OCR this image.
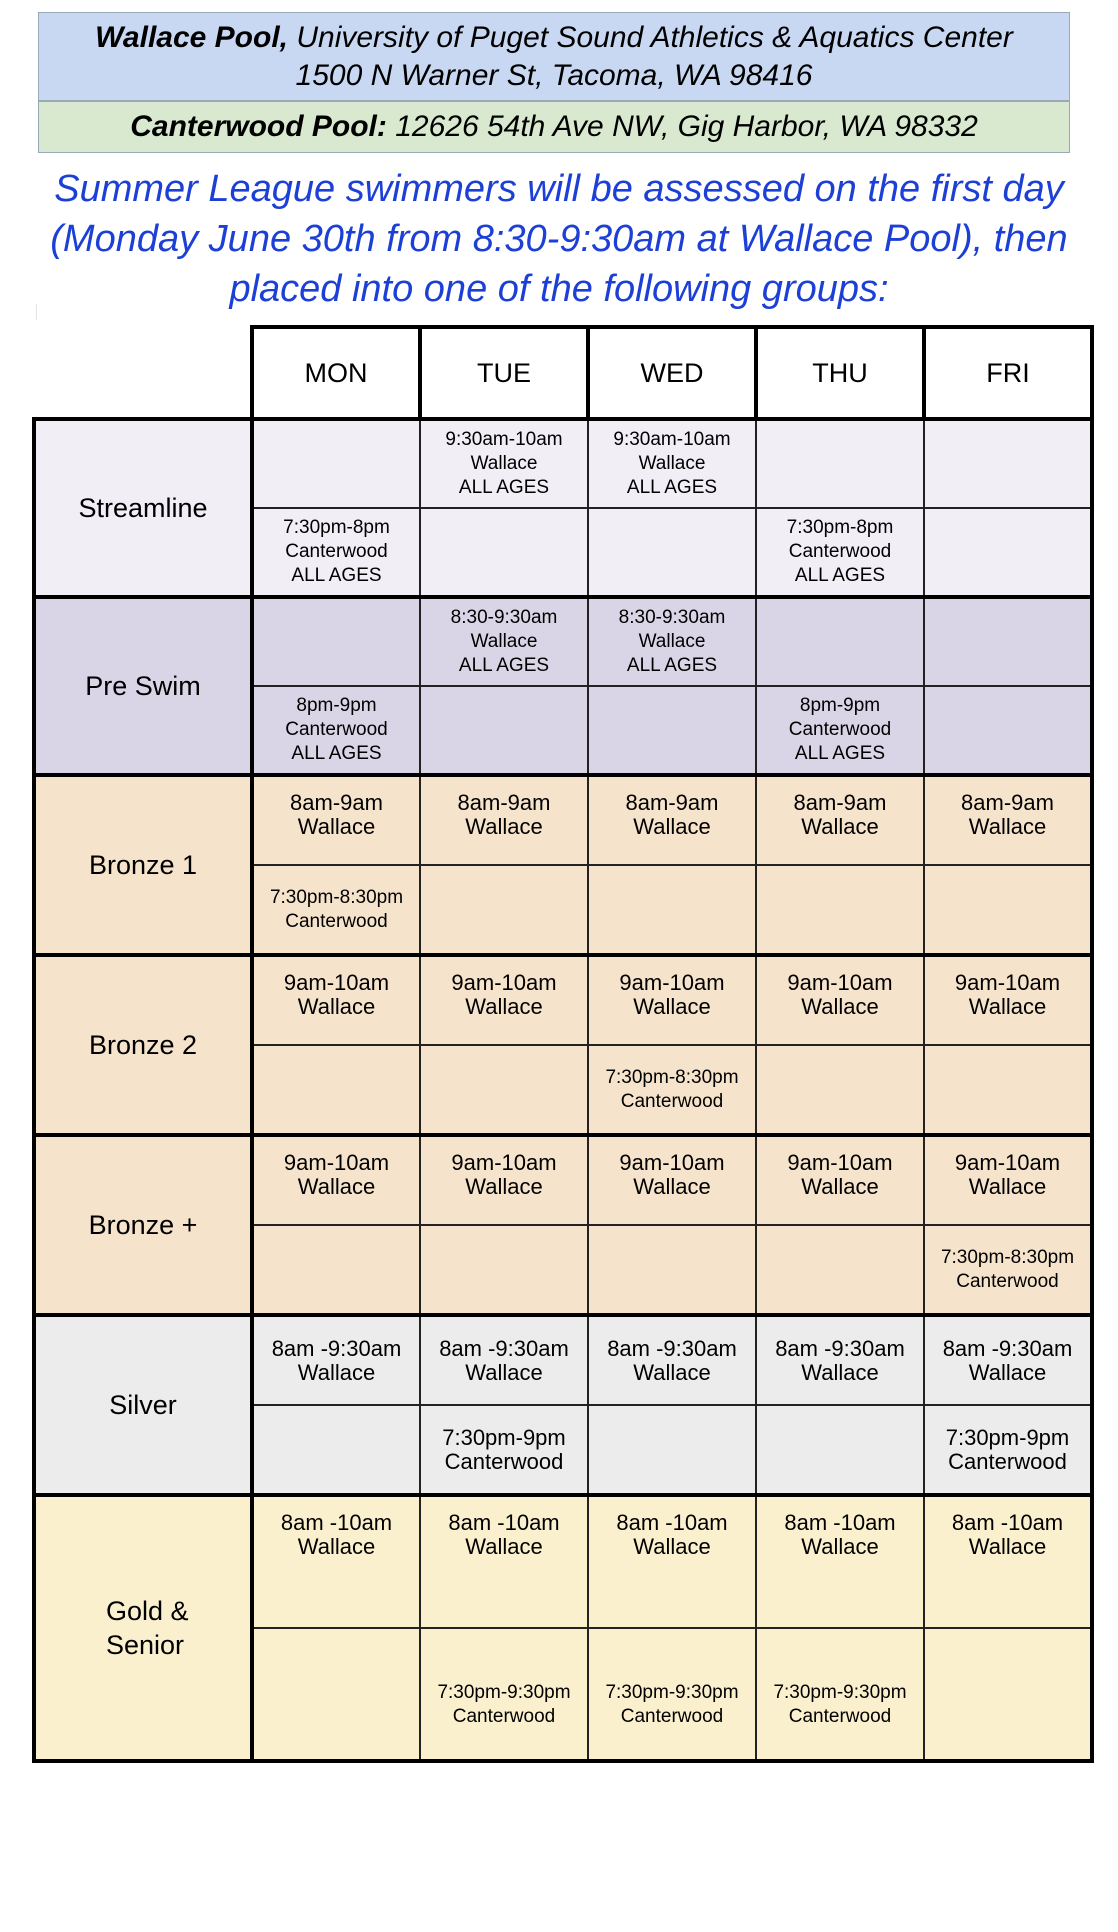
Wallace Pool, University of Puget Sound Athletics & Aquatics Center
1500 N Warner St, Tacoma, WA 98416
Canterwood Pool: 12626 54th Ave NW, Gig Harbor, WA 98332
Summer League swimmers will be assessed on the first day (Monday June 30th from 8:30-9:30am at Wallace Pool), then placed into one of the following groups:
	MON	TUE	WED	THU	FRI
Streamline		9:30am-10am
Wallace
ALL AGES	9:30am-10am
Wallace
ALL AGES		
	7:30pm-8pm
Canterwood
ALL AGES			7:30pm-8pm
Canterwood
ALL AGES	
Pre Swim		8:30-9:30am
Wallace
ALL AGES	8:30-9:30am
Wallace
ALL AGES		
	8pm-9pm
Canterwood
ALL AGES			8pm-9pm
Canterwood
ALL AGES	
Bronze 1	8am-9am
Wallace	8am-9am
Wallace	8am-9am
Wallace	8am-9am
Wallace	8am-9am
Wallace
	7:30pm-8:30pm
Canterwood				
Bronze 2	9am-10am
Wallace	9am-10am
Wallace	9am-10am
Wallace	9am-10am
Wallace	9am-10am
Wallace
			7:30pm-8:30pm
Canterwood		
Bronze +	9am-10am
Wallace	9am-10am
Wallace	9am-10am
Wallace	9am-10am
Wallace	9am-10am
Wallace
					7:30pm-8:30pm
Canterwood
Silver	8am -9:30am
Wallace	8am -9:30am
Wallace	8am -9:30am
Wallace	8am -9:30am
Wallace	8am -9:30am
Wallace
		7:30pm-9pm
Canterwood			7:30pm-9pm
Canterwood
Gold &
Senior	8am -10am
Wallace	8am -10am
Wallace	8am -10am
Wallace	8am -10am
Wallace	8am -10am
Wallace
		7:30pm-9:30pm
Canterwood	7:30pm-9:30pm
Canterwood	7:30pm-9:30pm
Canterwood	
